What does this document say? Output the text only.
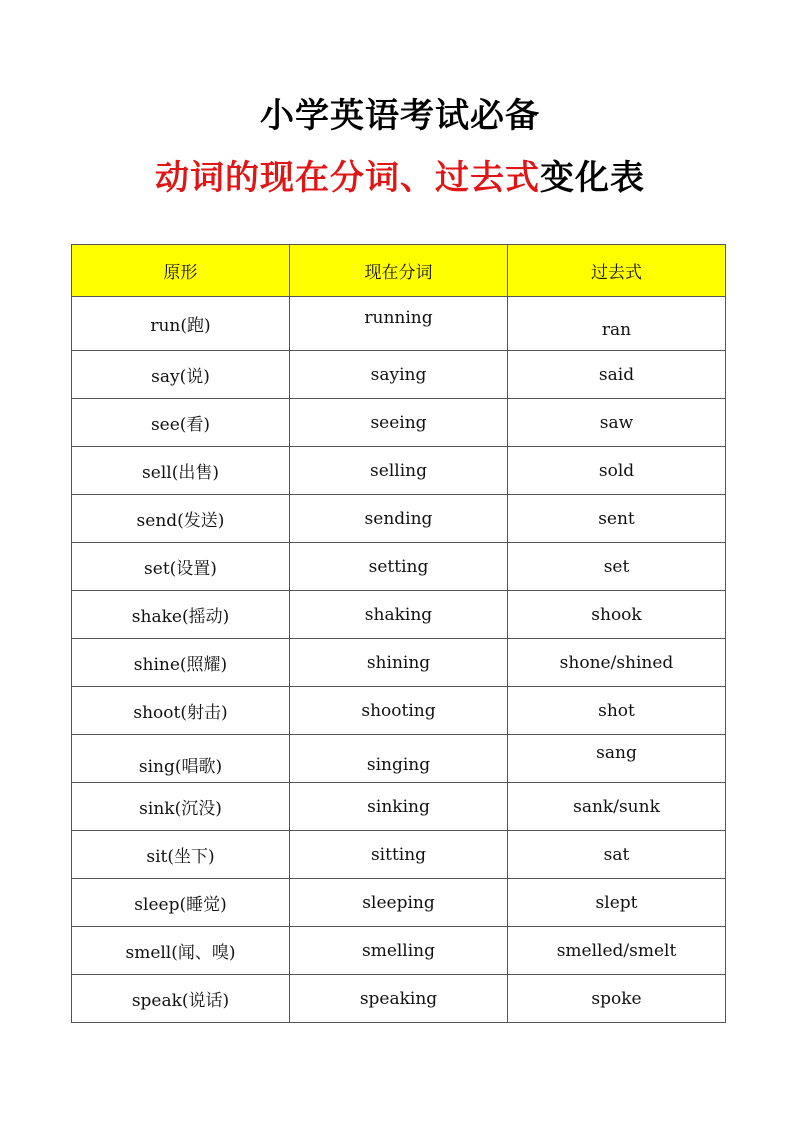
小学英语考试必备
动词的现在分词、过去式变化表
原形	现在分词	过去式
run(跑)	running	ran
say(说)	saying	said
see(看)	seeing	saw
sell(出售)	selling	sold
send(发送)	sending	sent
set(设置)	setting	set
shake(摇动)	shaking	shook
shine(照耀)	shining	shone/shined
shoot(射击)	shooting	shot
sing(唱歌)	singing	sang
sink(沉没)	sinking	sank/sunk
sit(坐下)	sitting	sat
sleep(睡觉)	sleeping	slept
smell(闻、嗅)	smelling	smelled/smelt
speak(说话)	speaking	spoke
